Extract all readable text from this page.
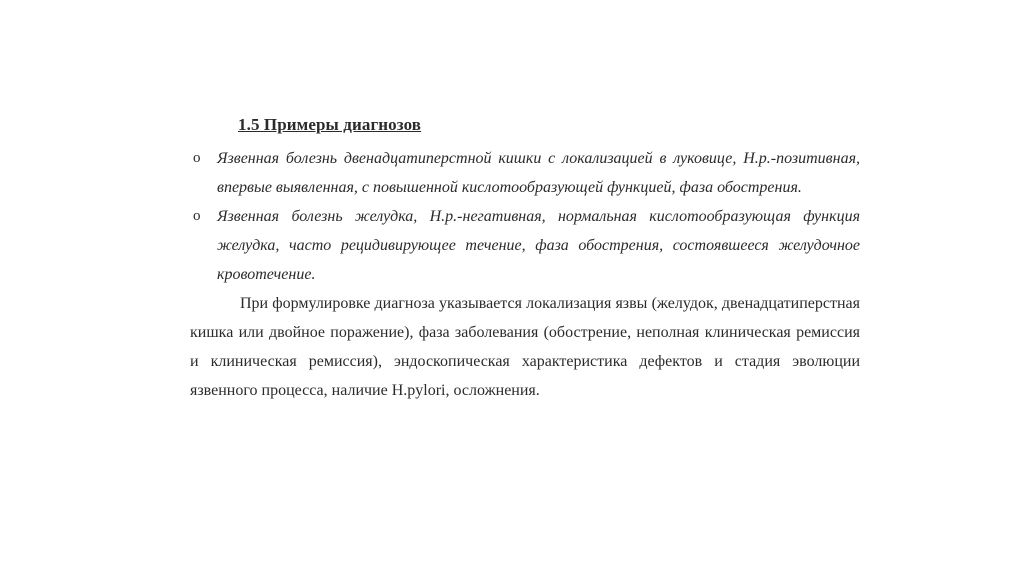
1.5 Примеры диагнозов
o Язвенная болезнь двенадцатиперстной кишки с локализацией в луковице, Н.р.-позитивная, впервые выявленная, с повышенной кислотообразующей функцией, фаза обострения.
o Язвенная болезнь желудка, Н.р.-негативная, нормальная кислотообразующая функция желудка, часто рецидивирующее течение, фаза обострения, состоявшееся желудочное кровотечение.

При формулировке диагноза указывается локализация язвы (желудок, двенадцатиперстная кишка или двойное поражение), фаза заболевания (обострение, неполная клиническая ремиссия и клиническая ремиссия), эндоскопическая характеристика дефектов и стадия эволюции язвенного процесса, наличие H.pylori, осложнения.
